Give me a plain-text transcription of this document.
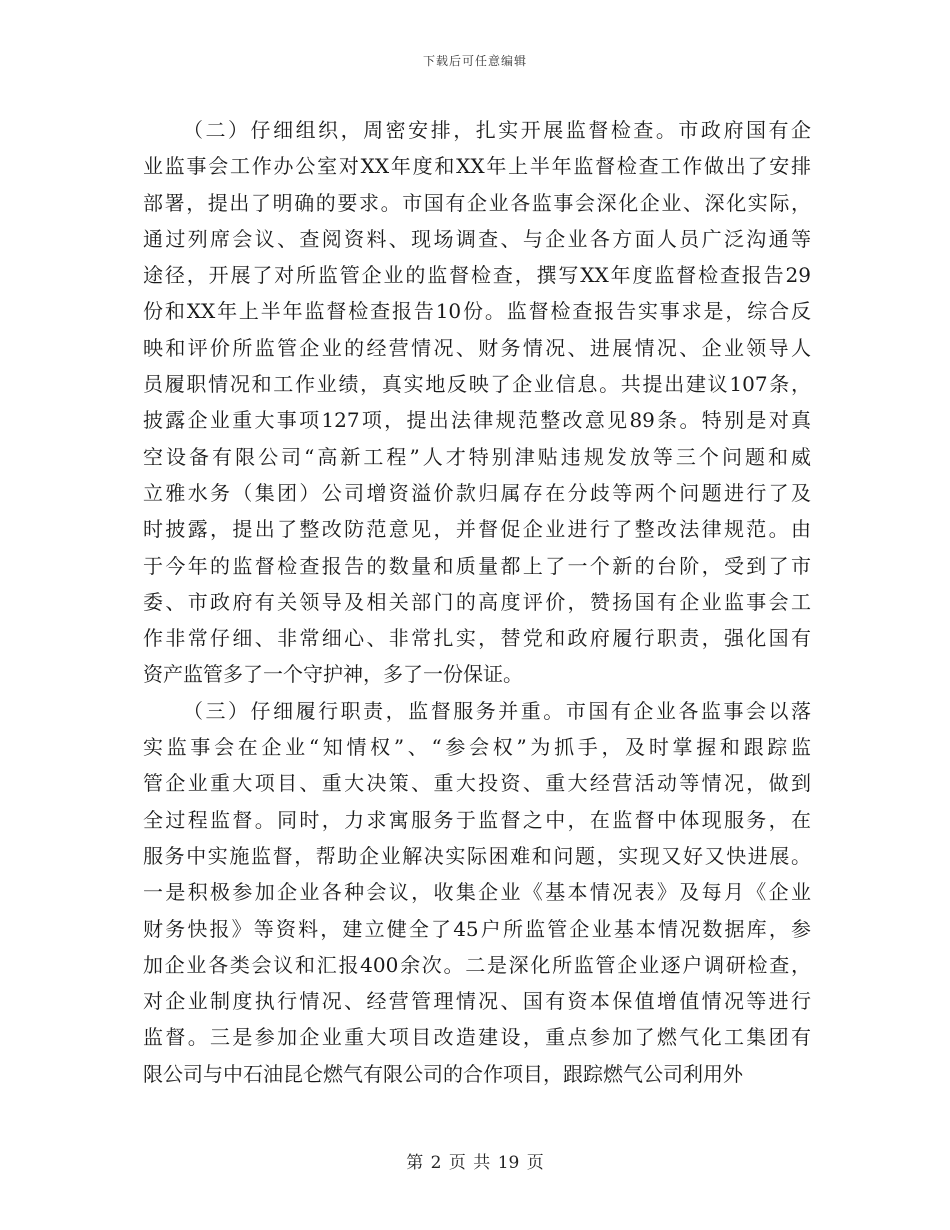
下载后可任意编辑
（二）仔细组织，周密安排，扎实开展监督检查。市政府国有企
业监事会工作办公室对XX年度和XX年上半年监督检查工作做出了安排
部署，提出了明确的要求。市国有企业各监事会深化企业、深化实际，
通过列席会议、查阅资料、现场调查、与企业各方面人员广泛沟通等
途径，开展了对所监管企业的监督检查，撰写XX年度监督检查报告29
份和XX年上半年监督检查报告10份。监督检查报告实事求是，综合反
映和评价所监管企业的经营情况、财务情况、进展情况、企业领导人
员履职情况和工作业绩，真实地反映了企业信息。共提出建议107条，
披露企业重大事项127项，提出法律规范整改意见89条。特别是对真
空设备有限公司“高新工程”人才特别津贴违规发放等三个问题和威
立雅水务（集团）公司增资溢价款归属存在分歧等两个问题进行了及
时披露，提出了整改防范意见，并督促企业进行了整改法律规范。由
于今年的监督检查报告的数量和质量都上了一个新的台阶，受到了市
委、市政府有关领导及相关部门的高度评价，赞扬国有企业监事会工
作非常仔细、非常细心、非常扎实，替党和政府履行职责，强化国有
资产监管多了一个守护神，多了一份保证。
（三）仔细履行职责，监督服务并重。市国有企业各监事会以落
实监事会在企业“知情权”、“参会权”为抓手，及时掌握和跟踪监
管企业重大项目、重大决策、重大投资、重大经营活动等情况，做到
全过程监督。同时，力求寓服务于监督之中，在监督中体现服务，在
服务中实施监督，帮助企业解决实际困难和问题，实现又好又快进展。
一是积极参加企业各种会议，收集企业《基本情况表》及每月《企业
财务快报》等资料，建立健全了45户所监管企业基本情况数据库，参
加企业各类会议和汇报400余次。二是深化所监管企业逐户调研检查，
对企业制度执行情况、经营管理情况、国有资本保值增值情况等进行
监督。三是参加企业重大项目改造建设，重点参加了燃气化工集团有
限公司与中石油昆仑燃气有限公司的合作项目，跟踪燃气公司利用外
第 2 页 共 19 页
